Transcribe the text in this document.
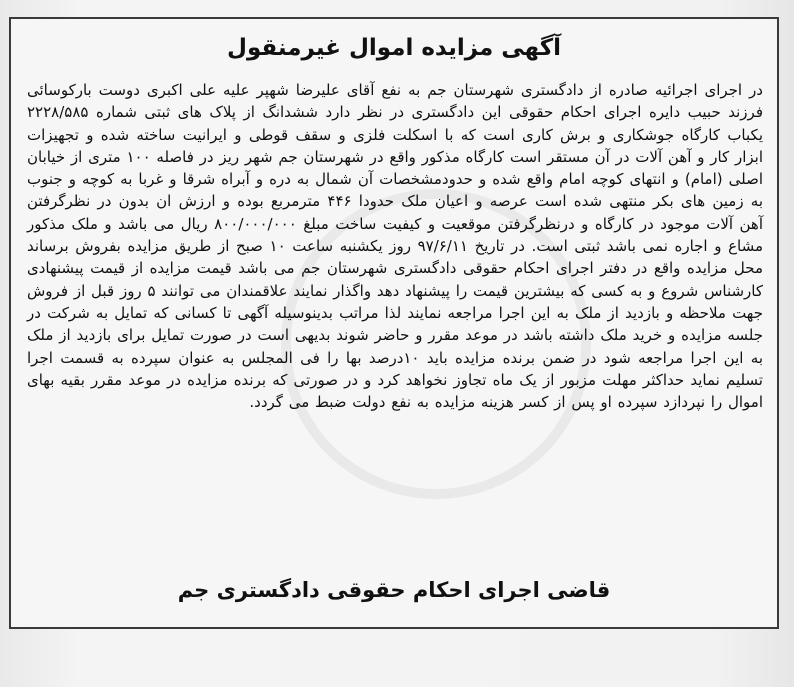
آگهی مزایده اموال غیرمنقول
در اجرای اجرائیه صادره از دادگستری شهرستان جم به نفع آقای علیرضا شهپر علیه علی اکبری دوست بارکوسائی فرزند حبیب دایره اجرای احکام حقوقی این دادگستری در نظر دارد ششدانگ از پلاک های ثبتی شماره ۲۲۲۸/۵۸۵ یکباب کارگاه جوشکاری و برش کاری است که با اسکلت فلزی و سقف قوطی و ایرانیت ساخته شده و تجهیزات ابزار کار و آهن آلات در آن مستقر است کارگاه مذکور واقع در شهرستان جم شهر ریز در فاصله ۱۰۰ متری از خیابان اصلی (امام) و انتهای کوچه امام واقع شده و حدودمشخصات آن شمال به دره و آبراه شرقا و غربا به کوچه و جنوب به زمین های بکر منتهی شده است عرصه و اعیان ملک حدودا ۴۴۶ مترمربع بوده و ارزش ان بدون در نظرگرفتن آهن آلات موجود در کارگاه و درنظرگرفتن موقعیت و کیفیت ساخت مبلغ ۸۰۰/۰۰۰/۰۰۰ ریال می باشد و ملک مذکور مشاع و اجاره نمی باشد ثبتی است. در تاریخ ۹۷/۶/۱۱ روز یکشنبه ساعت ۱۰ صبح از طریق مزایده بفروش برساند محل مزایده واقع در دفتر اجرای احکام حقوقی دادگستری شهرستان جم می باشد قیمت مزایده از قیمت پیشنهادی کارشناس شروع و به کسی که بیشترین قیمت را پیشنهاد دهد واگذار نمایند علاقمندان می توانند ۵ روز قبل از فروش جهت ملاحظه و بازدید از ملک به این اجرا مراجعه نمایند لذا مراتب بدینوسیله آگهی تا کسانی که تمایل به شرکت در جلسه مزایده و خرید ملک داشته باشد در موعد مقرر و حاضر شوند بدیهی است در صورت تمایل برای بازدید از ملک به این اجرا مراجعه شود در ضمن برنده مزایده باید ۱۰درصد بها را فی المجلس به عنوان سپرده به قسمت اجرا تسلیم نماید حداکثر مهلت مزبور از یک ماه تجاوز نخواهد کرد و در صورتی که برنده مزایده در موعد مقرر بقیه بهای اموال را نپردازد سپرده او پس از کسر هزینه مزایده به نفع دولت ضبط می گردد.
قاضی اجرای احکام حقوقی دادگستری جم
